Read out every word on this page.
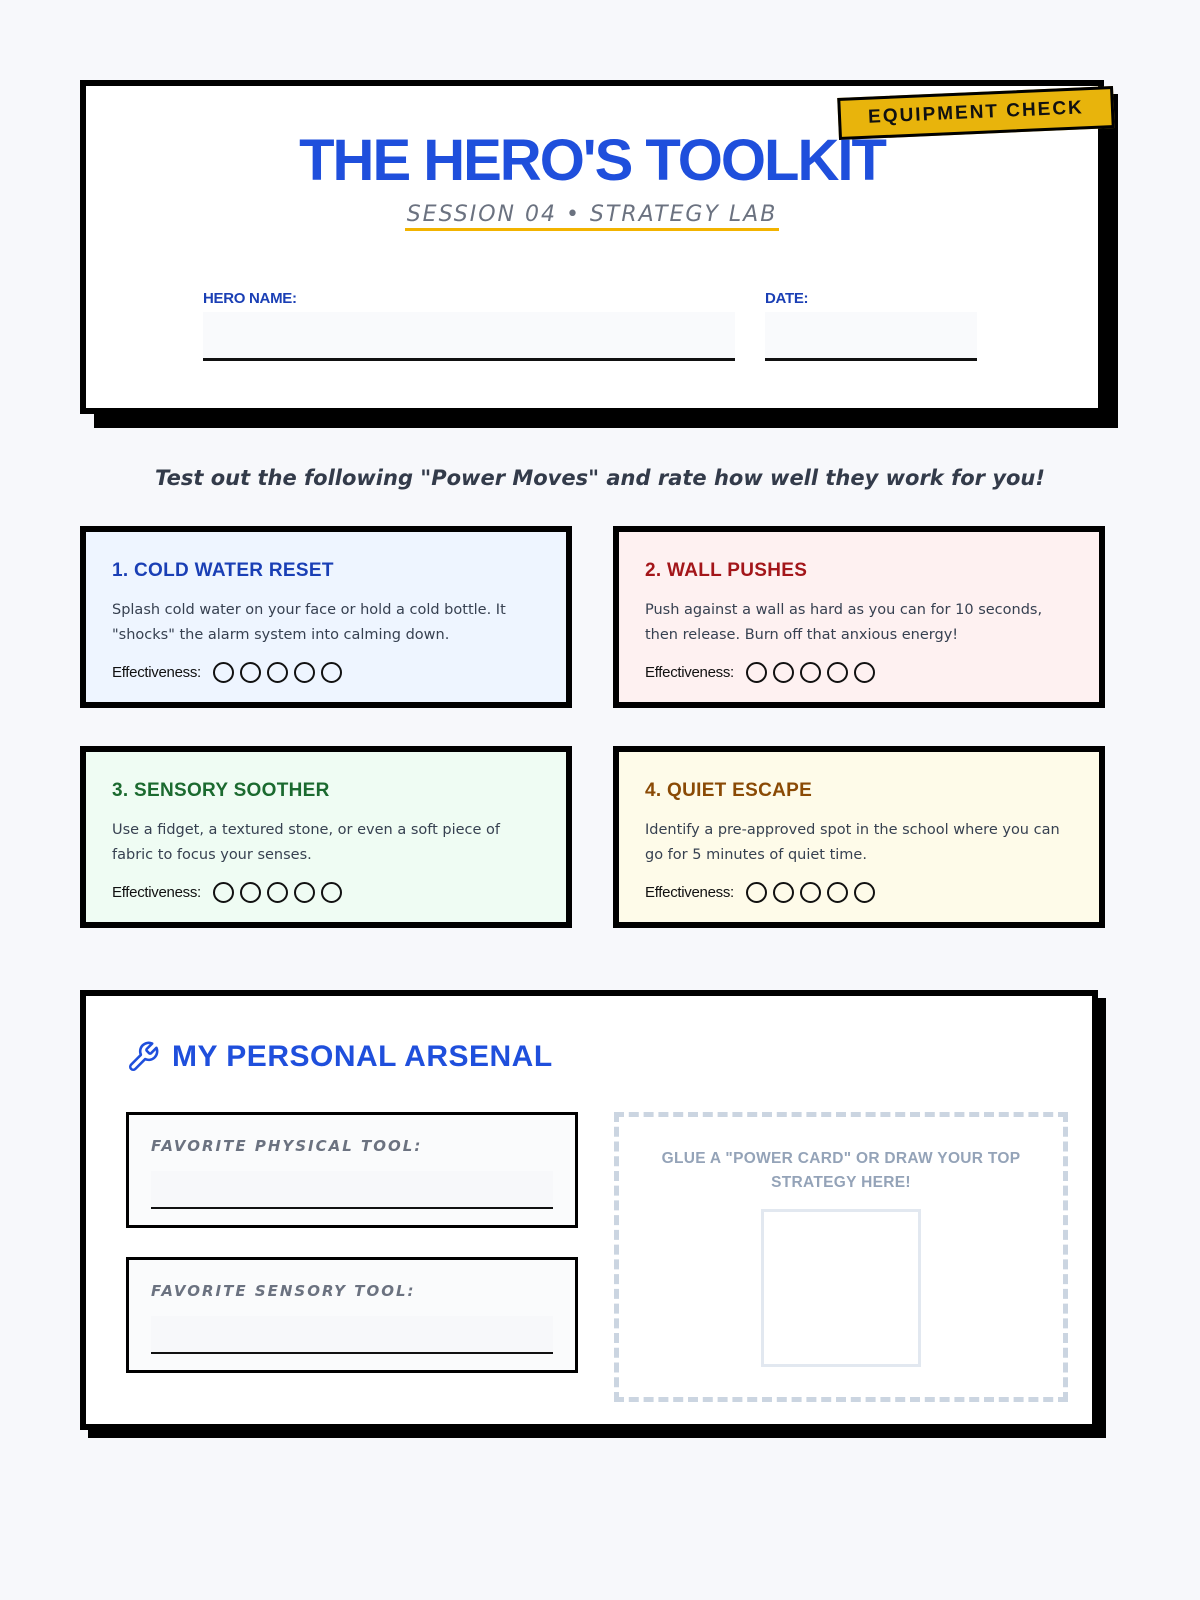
EQUIPMENT CHECK
THE HERO'S TOOLKIT
SESSION 04 • STRATEGY LAB
HERO NAME:	DATE:
Test out the following "Power Moves" and rate how well they work for you!
1. COLD WATER RESET
Splash cold water on your face or hold a cold bottle. It "shocks" the alarm system into calming down.
Effectiveness:
2. WALL PUSHES
Push against a wall as hard as you can for 10 seconds, then release. Burn off that anxious energy!
Effectiveness:
3. SENSORY SOOTHER
Use a fidget, a textured stone, or even a soft piece of fabric to focus your senses.
Effectiveness:
4. QUIET ESCAPE
Identify a pre-approved spot in the school where you can go for 5 minutes of quiet time.
Effectiveness:
MY PERSONAL ARSENAL
FAVORITE PHYSICAL TOOL:
FAVORITE SENSORY TOOL:
GLUE A "POWER CARD" OR DRAW YOUR TOP STRATEGY HERE!
